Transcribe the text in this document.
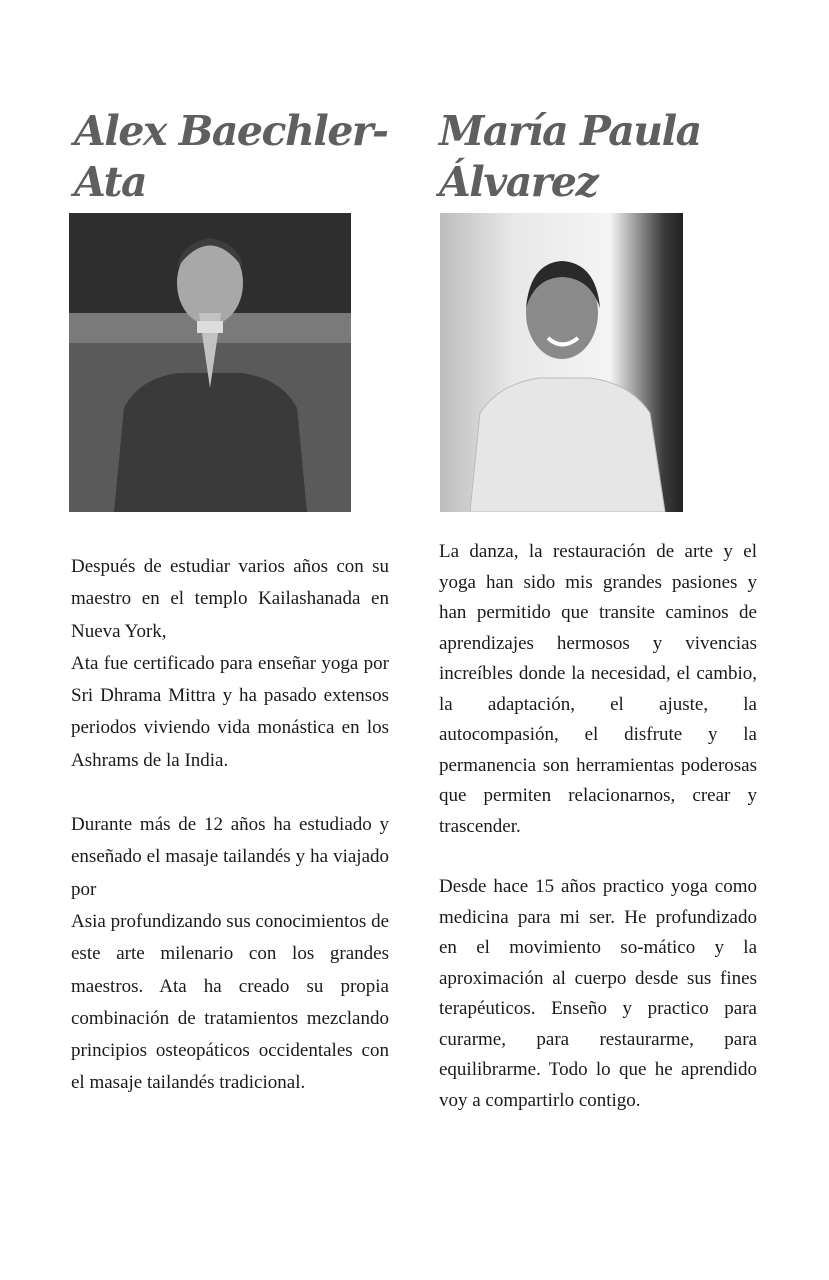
Alex Baechler-Ata
María Paula Álvarez

Después de estudiar varios años con su maestro en el templo Kailashanada en Nueva York,

Ata fue certificado para enseñar yoga por Sri Dhrama Mittra y ha pasado extensos periodos viviendo vida monástica en los Ashrams de la India.

Durante más de 12 años ha estudiado y enseñado el masaje tailandés y ha viajado por

Asia profundizando sus conocimientos de este arte milenario con los grandes maestros. Ata ha creado su propia combinación de tratamientos mezclando principios osteopáticos occidentales con el masaje tailandés tradicional.

La danza, la restauración de arte y el yoga han sido mis grandes pasiones y han permitido que transite caminos de aprendizajes hermosos y vivencias increíbles donde la necesidad, el cambio, la adaptación, el ajuste, la autocompasión, el disfrute y la permanencia son herramientas poderosas que permiten relacionarnos, crear y trascender.

Desde hace 15 años practico yoga como medicina para mi ser. He profundizado en el movimiento so-mático y la aproximación al cuerpo desde sus fines terapéuticos. Enseño y practico para curarme, para restaurarme, para equilibrarme. Todo lo que he aprendido voy a compartirlo contigo.
